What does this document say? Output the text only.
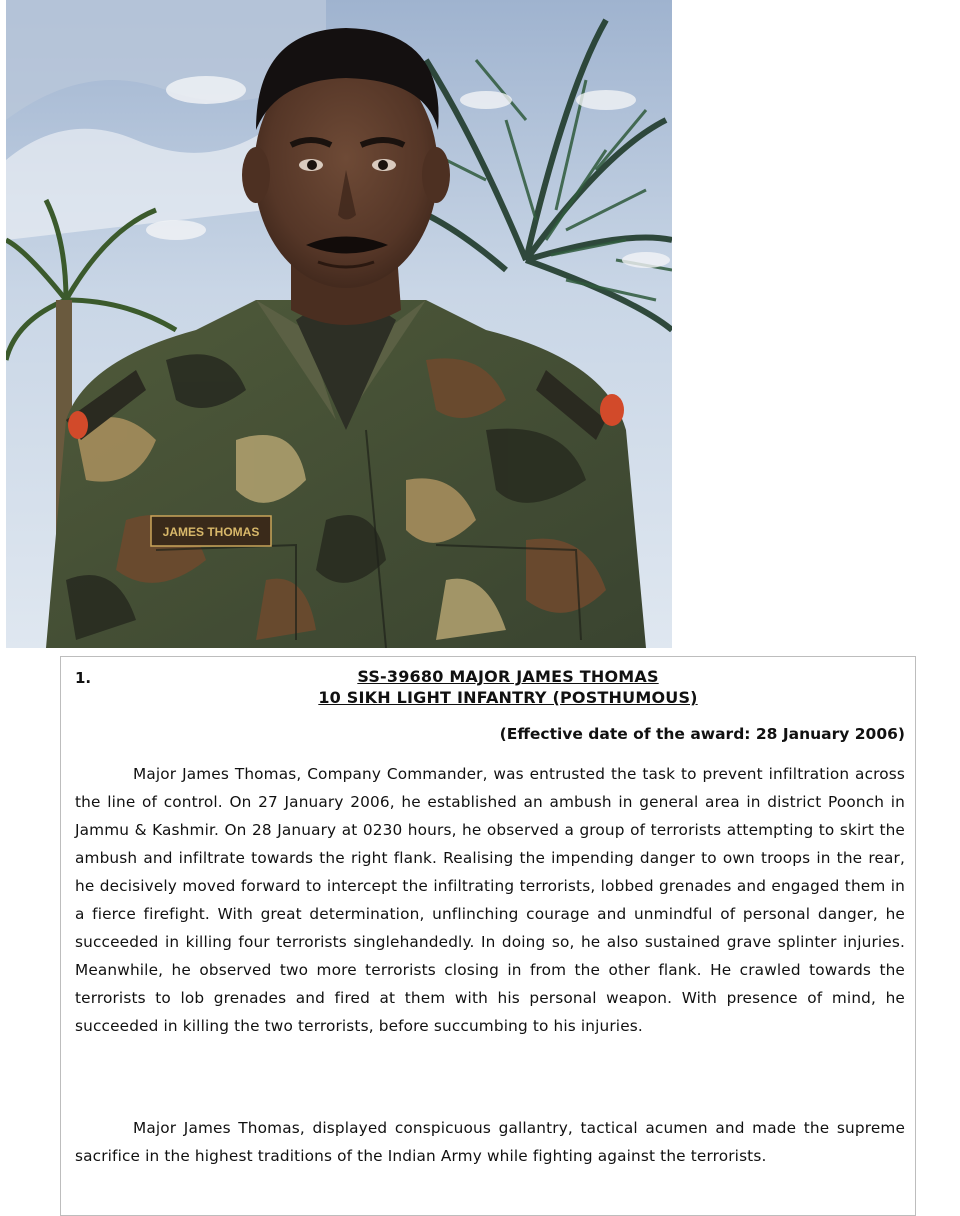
JAMES THOMAS
1.	SS-39680 MAJOR JAMES THOMAS
10 SIKH LIGHT INFANTRY (POSTHUMOUS)
(Effective date of the award: 28 January 2006)

Major James Thomas, Company Commander, was entrusted the task to prevent infiltration across the line of control. On 27 January 2006, he established an ambush in general area in district Poonch in Jammu & Kashmir. On 28 January at 0230 hours, he observed a group of terrorists attempting to skirt the ambush and infiltrate towards the right flank. Realising the impending danger to own troops in the rear, he decisively moved forward to intercept the infiltrating terrorists, lobbed grenades and engaged them in a fierce firefight. With great determination, unflinching courage and unmindful of personal danger, he succeeded in killing four terrorists singlehandedly. In doing so, he also sustained grave splinter injuries. Meanwhile, he observed two more terrorists closing in from the other flank. He crawled towards the terrorists to lob grenades and fired at them with his personal weapon. With presence of mind, he succeeded in killing the two terrorists, before succumbing to his injuries.

Major James Thomas, displayed conspicuous gallantry, tactical acumen and made the supreme sacrifice in the highest traditions of the Indian Army while fighting against the terrorists.
